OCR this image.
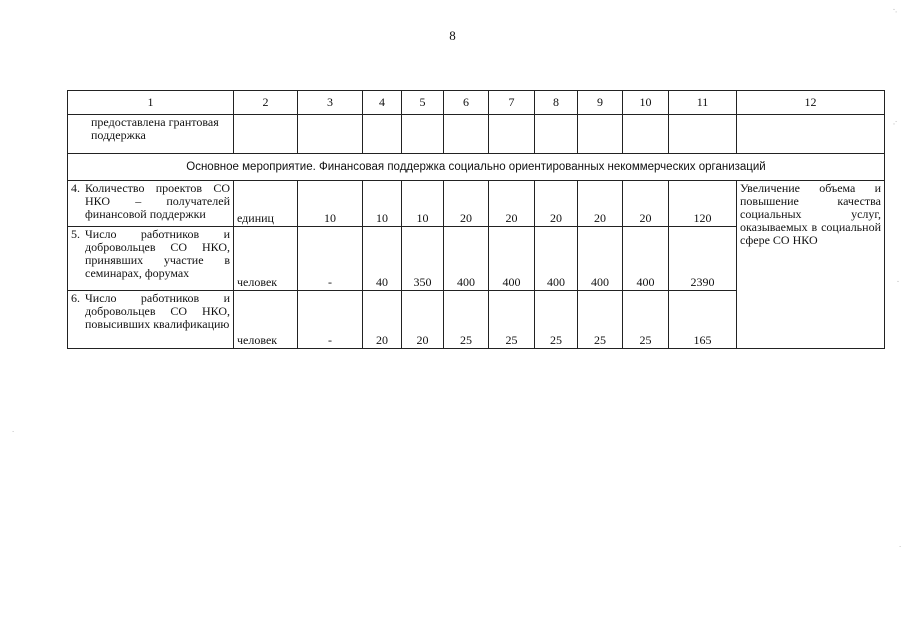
8
1	2	3	4	5	6	7	8	9	10	11	12

предоставлена грантовая поддержка											

Основное мероприятие. Финансовая поддержка социально ориентированных некоммерческих организаций											

4. Количество проектов СО НКО – получателей финансовой поддержки	единиц	10	10	10	20	20	20	20	20	120	Увеличение объема и повышение качества социальных услуг, оказываемых в социальной сфере СО НКО

5. Число работников и добровольцев СО НКО, принявших участие в семинарах, форумах	человек	-	40	350	400	400	400	400	400	2390	

6. Число работников и добровольцев СО НКО, повысивших квалификацию	человек	-	20	20	25	25	25	25	25	165	
·ˈ
ˈ·
·
ˈ
ˈ
